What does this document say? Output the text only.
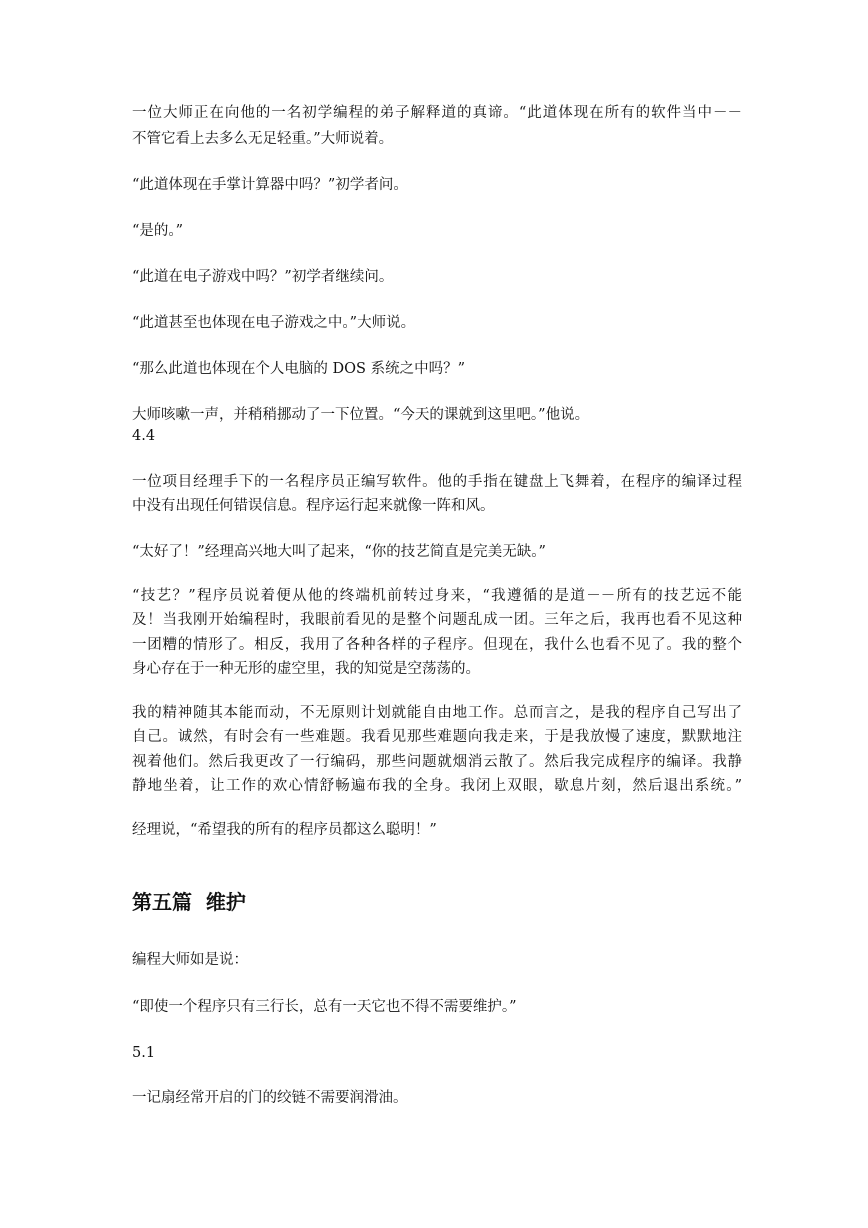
一位大师正在向他的一名初学编程的弟子解释道的真谛。“此道体现在所有的软件当中－－
不管它看上去多么无足轻重。”大师说着。
“此道体现在手掌计算器中吗？”初学者问。
“是的。”
“此道在电子游戏中吗？”初学者继续问。
“此道甚至也体现在电子游戏之中。”大师说。
“那么此道也体现在个人电脑的 DOS 系统之中吗？”
大师咳嗽一声，并稍稍挪动了一下位置。“今天的课就到这里吧。”他说。
4.4
一位项目经理手下的一名程序员正编写软件。他的手指在键盘上飞舞着，在程序的编译过程
中没有出现任何错误信息。程序运行起来就像一阵和风。
“太好了！”经理高兴地大叫了起来，“你的技艺简直是完美无缺。”
“技艺？”程序员说着便从他的终端机前转过身来，“我遵循的是道－－所有的技艺远不能
及！当我刚开始编程时，我眼前看见的是整个问题乱成一团。三年之后，我再也看不见这种
一团糟的情形了。相反，我用了各种各样的子程序。但现在，我什么也看不见了。我的整个
身心存在于一种无形的虚空里，我的知觉是空荡荡的。
我的精神随其本能而动，不无原则计划就能自由地工作。总而言之，是我的程序自己写出了
自己。诚然，有时会有一些难题。我看见那些难题向我走来，于是我放慢了速度，默默地注
视着他们。然后我更改了一行编码，那些问题就烟消云散了。然后我完成程序的编译。我静
静地坐着，让工作的欢心情舒畅遍布我的全身。我闭上双眼，歇息片刻，然后退出系统。”
经理说，“希望我的所有的程序员都这么聪明！”
第五篇  维护
编程大师如是说：
“即使一个程序只有三行长，总有一天它也不得不需要维护。”
5.1
一记扇经常开启的门的绞链不需要润滑油。
